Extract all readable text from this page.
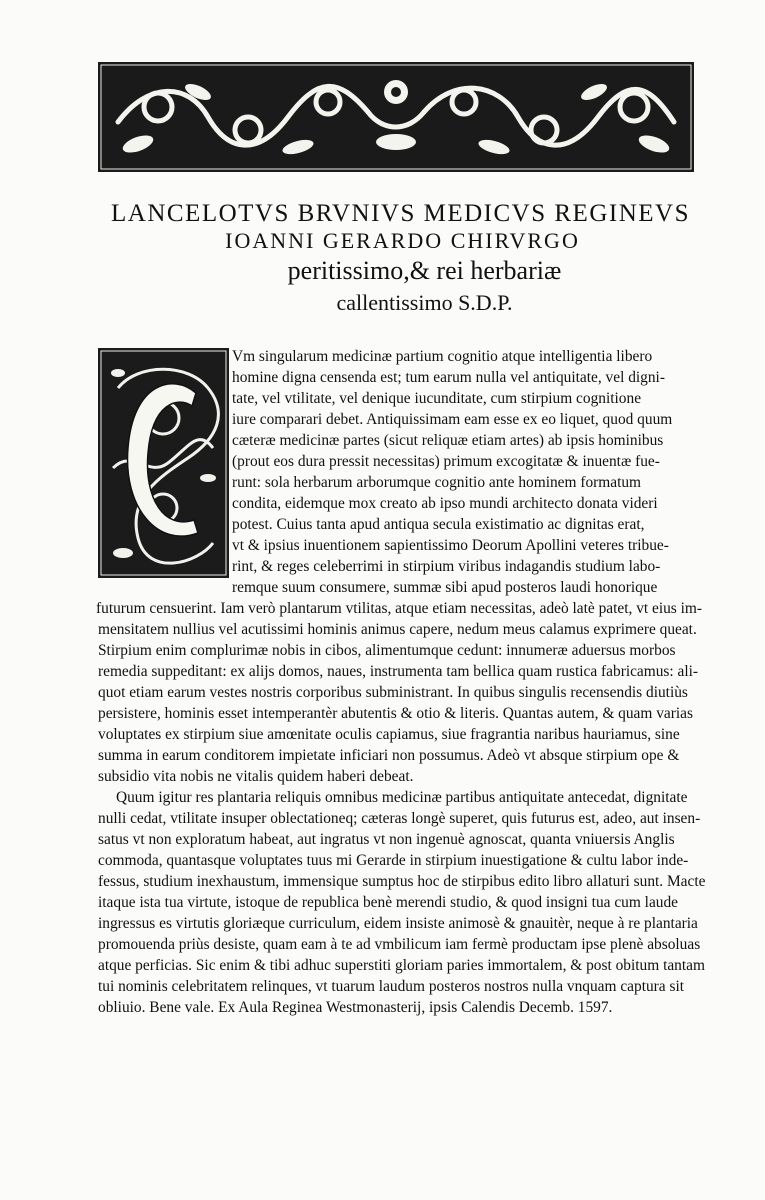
LANCELOTVS BRVNIVS MEDICVS REGINEVS
IOANNI GERARDO CHIRVRGO
peritissimo,& rei herbariæ
callentissimo S.D.P.
Vm singularum medicinæ partium cognitio atque intelligentia libero
homine digna censenda est; tum earum nulla vel antiquitate, vel digni-
tate, vel vtilitate, vel denique iucunditate, cum stirpium cognitione
iure comparari debet. Antiquissimam eam esse ex eo liquet, quod quum
cæteræ medicinæ partes (sicut reliquæ etiam artes) ab ipsis hominibus
(prout eos dura pressit necessitas) primum excogitatæ & inuentæ fue-
runt: sola herbarum arborumque cognitio ante hominem formatum
condita, eidemque mox creato ab ipso mundi architecto donata videri
potest. Cuius tanta apud antiqua secula existimatio ac dignitas erat,
vt & ipsius inuentionem sapientissimo Deorum Apollini veteres tribue-
rint, & reges celeberrimi in stirpium viribus indagandis studium labo-
remque suum consumere, summæ sibi apud posteros laudi honorique
futurum censuerint. Iam verò plantarum vtilitas, atque etiam necessitas, adeò latè patet, vt eius im-
mensitatem nullius vel acutissimi hominis animus capere, nedum meus calamus exprimere queat.
Stirpium enim complurimæ nobis in cibos, alimentumque cedunt: innumeræ aduersus morbos
remedia suppeditant: ex alijs domos, naues, instrumenta tam bellica quam rustica fabricamus: ali-
quot etiam earum vestes nostris corporibus subministrant. In quibus singulis recensendis diutiùs
persistere, hominis esset intemperantèr abutentis & otio & literis. Quantas autem, & quam varias
voluptates ex stirpium siue amœnitate oculis capiamus, siue fragrantia naribus hauriamus, sine
summa in earum conditorem impietate inficiari non possumus. Adeò vt absque stirpium ope &
subsidio vita nobis ne vitalis quidem haberi debeat.
Quum igitur res plantaria reliquis omnibus medicinæ partibus antiquitate antecedat, dignitate
nulli cedat, vtilitate insuper oblectationeq; cæteras longè superet, quis futurus est, adeo, aut insen-
satus vt non exploratum habeat, aut ingratus vt non ingenuè agnoscat, quanta vniuersis Anglis
commoda, quantasque voluptates tuus mi Gerarde in stirpium inuestigatione & cultu labor inde-
fessus, studium inexhaustum, immensique sumptus hoc de stirpibus edito libro allaturi sunt. Macte
itaque ista tua virtute, istoque de republica benè merendi studio, & quod insigni tua cum laude
ingressus es virtutis gloriæque curriculum, eidem insiste animosè & gnauitèr, neque à re plantaria
promouenda priùs desiste, quam eam à te ad vmbilicum iam fermè productam ipse plenè absoluas
atque perficias. Sic enim & tibi adhuc superstiti gloriam paries immortalem, & post obitum tantam
tui nominis celebritatem relinques, vt tuarum laudum posteros nostros nulla vnquam captura sit
obliuio. Bene vale. Ex Aula Reginea Westmonasterij, ipsis Calendis Decemb. 1597.
